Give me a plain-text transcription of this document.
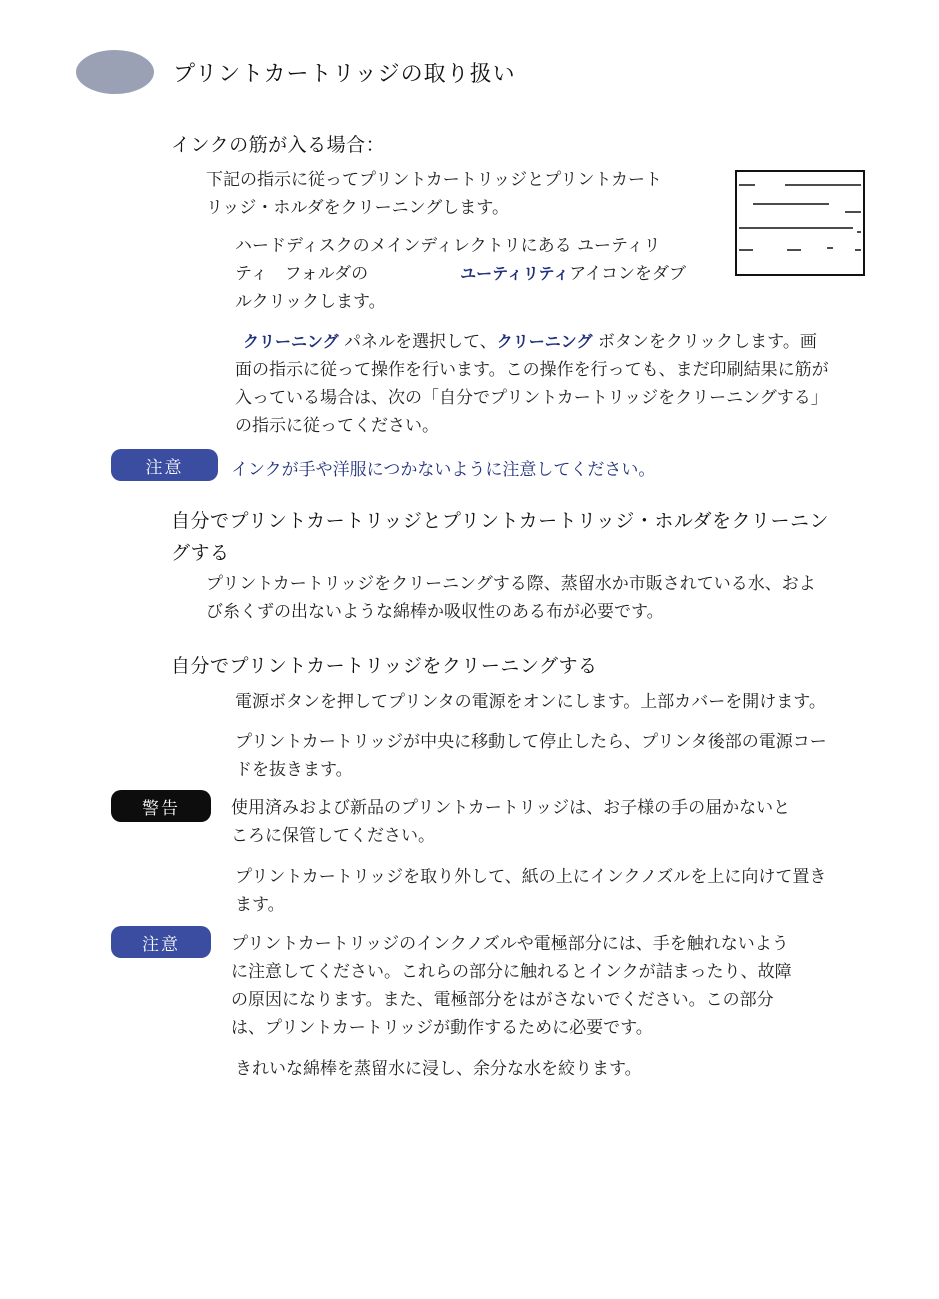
プリントカートリッジの取り扱い
インクの筋が入る場合：
下記の指示に従ってプリントカートリッジとプリントカート
リッジ・ホルダをクリーニングします。
ハードディスクのメインディレクトリにある ユーティリ
ティ　フォルダの	ユーティリティアイコンをダブ
ルクリックします。
クリーニング パネルを選択して、クリーニング ボタンをクリックします。画
面の指示に従って操作を行います。この操作を行っても、まだ印刷結果に筋が
入っている場合は、次の「自分でプリントカートリッジをクリーニングする」
の指示に従ってください。
注意	インクが手や洋服につかないように注意してください。
自分でプリントカートリッジとプリントカートリッジ・ホルダをクリーニン
グする
プリントカートリッジをクリーニングする際、蒸留水か市販されている水、およ
び糸くずの出ないような綿棒か吸収性のある布が必要です。
自分でプリントカートリッジをクリーニングする
電源ボタンを押してプリンタの電源をオンにします。上部カバーを開けます。
プリントカートリッジが中央に移動して停止したら、プリンタ後部の電源コー
ドを抜きます。
警告	使用済みおよび新品のプリントカートリッジは、お子様の手の届かないと
ころに保管してください。
プリントカートリッジを取り外して、紙の上にインクノズルを上に向けて置き
ます。
注意	プリントカートリッジのインクノズルや電極部分には、手を触れないよう
に注意してください。これらの部分に触れるとインクが詰まったり、故障
の原因になります。また、電極部分をはがさないでください。この部分
は、プリントカートリッジが動作するために必要です。
きれいな綿棒を蒸留水に浸し、余分な水を絞ります。
